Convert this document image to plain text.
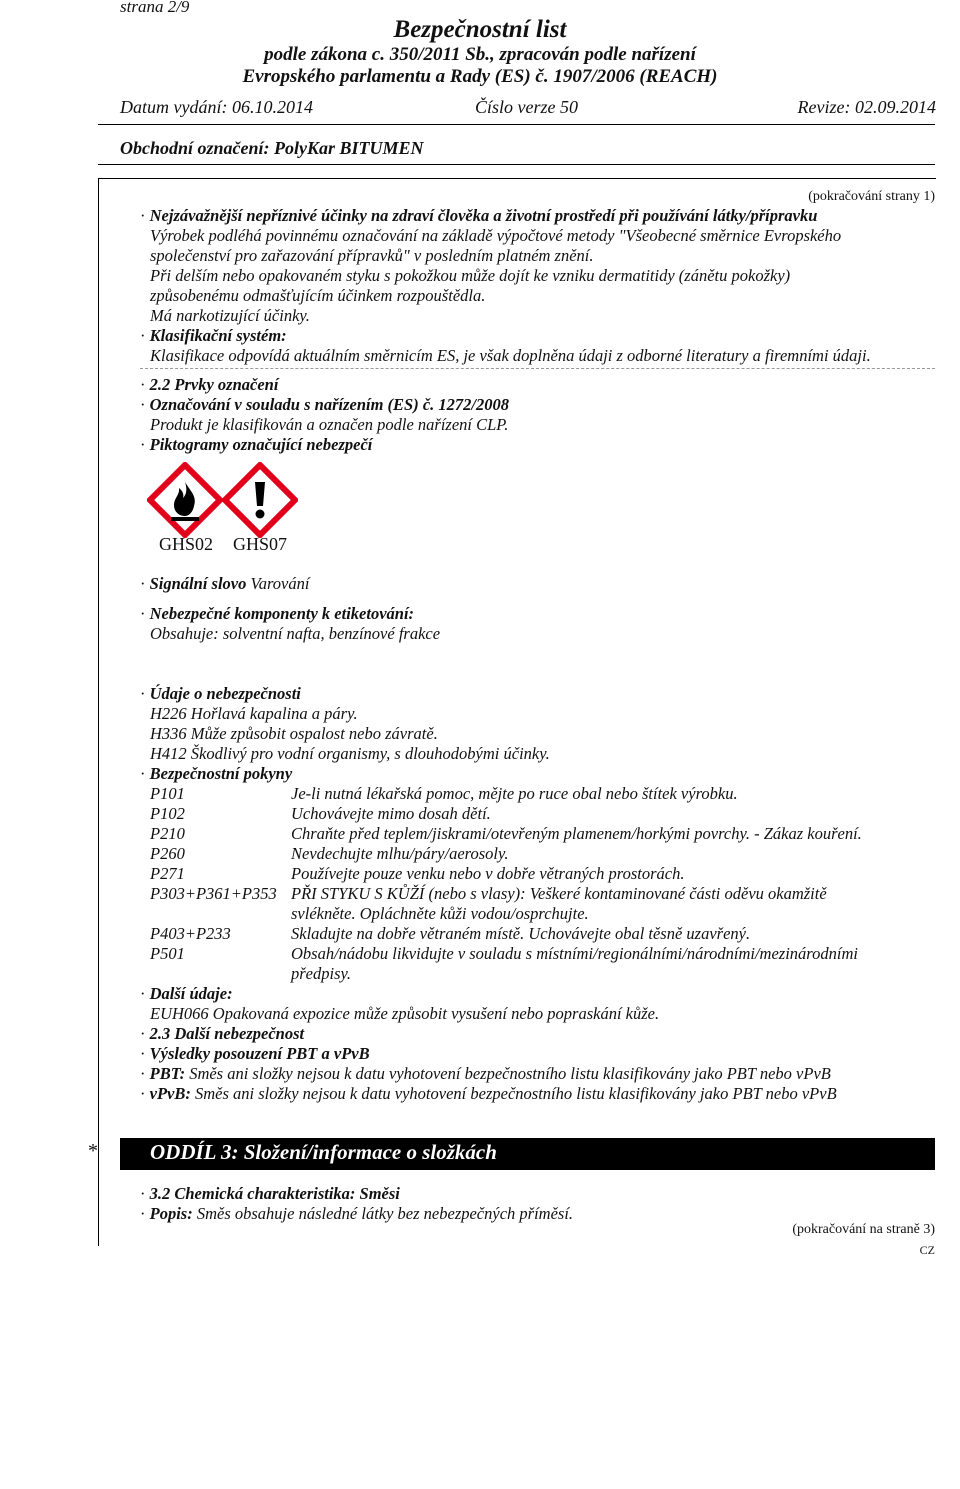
strana 2/9
Bezpečnostní list
podle zákona c. 350/2011 Sb., zpracován podle nařízení
Evropského parlamentu a Rady (ES) č. 1907/2006 (REACH)
Datum vydání: 06.10.2014	Číslo verze 50	Revize: 02.09.2014
Obchodní označení: PolyKar BITUMEN
(pokračování strany 1)
· Nejzávažnější nepříznivé účinky na zdraví člověka a životní prostředí při používání látky/přípravku
Výrobek podléhá povinnému označování na základě výpočtové metody "Všeobecné směrnice Evropského
společenství pro zařazování přípravků" v posledním platném znění.
Při delším nebo opakovaném styku s pokožkou může dojít ke vzniku dermatitidy (zánětu pokožky)
způsobenému odmašťujícím účinkem rozpouštědla.
Má narkotizující účinky.
· Klasifikační systém:
Klasifikace odpovídá aktuálním směrnicím ES, je však doplněna údaji z odborné literatury a firemními údaji.
· 2.2 Prvky označení
· Označování v souladu s nařízením (ES) č. 1272/2008
Produkt je klasifikován a označen podle nařízení CLP.
· Piktogramy označující nebezpečí
GHS02 GHS07
· Signální slovo Varování
· Nebezpečné komponenty k etiketování:
Obsahuje: solventní nafta, benzínové frakce
· Údaje o nebezpečnosti
H226 Hořlavá kapalina a páry.
H336 Může způsobit ospalost nebo závratě.
H412 Škodlivý pro vodní organismy, s dlouhodobými účinky.
· Bezpečnostní pokyny
P101	Je-li nutná lékařská pomoc, mějte po ruce obal nebo štítek výrobku.
P102	Uchovávejte mimo dosah dětí.
P210	Chraňte před teplem/jiskrami/otevřeným plamenem/horkými povrchy. - Zákaz kouření.
P260	Nevdechujte mlhu/páry/aerosoly.
P271	Používejte pouze venku nebo v dobře větraných prostorách.
P303+P361+P353 PŘI STYKU S KŮŽÍ (nebo s vlasy): Veškeré kontaminované části oděvu okamžitě
svlékněte. Opláchněte kůži vodou/osprchujte.
P403+P233	Skladujte na dobře větraném místě. Uchovávejte obal těsně uzavřený.
P501	Obsah/nádobu likvidujte v souladu s místními/regionálními/národními/mezinárodními
předpisy.
· Další údaje:
EUH066 Opakovaná expozice může způsobit vysušení nebo popraskání kůže.
· 2.3 Další nebezpečnost
· Výsledky posouzení PBT a vPvB
· PBT: Směs ani složky nejsou k datu vyhotovení bezpečnostního listu klasifikovány jako PBT nebo vPvB
· vPvB: Směs ani složky nejsou k datu vyhotovení bezpečnostního listu klasifikovány jako PBT nebo vPvB
* ODDÍL 3: Složení/informace o složkách
· 3.2 Chemická charakteristika: Směsi
· Popis: Směs obsahuje následné látky bez nebezpečných příměsí.
(pokračování na straně 3)
CZ
